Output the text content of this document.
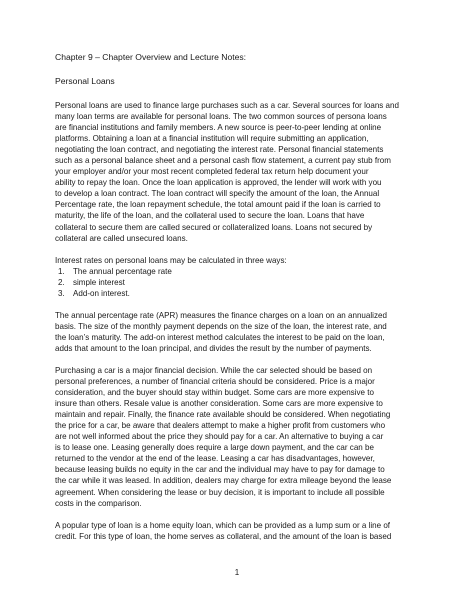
Chapter 9 – Chapter Overview and Lecture Notes:

Personal Loans

Personal loans are used to finance large purchases such as a car. Several sources for loans and
many loan terms are available for personal loans. The two common sources of persona loans
are financial institutions and family members. A new source is peer-to-peer lending at online
platforms. Obtaining a loan at a financial institution will require submitting an application,
negotiating the loan contract, and negotiating the interest rate. Personal financial statements
such as a personal balance sheet and a personal cash flow statement, a current pay stub from
your employer and/or your most recent completed federal tax return help document your
ability to repay the loan. Once the loan application is approved, the lender will work with you
to develop a loan contract. The loan contract will specify the amount of the loan, the Annual
Percentage rate, the loan repayment schedule, the total amount paid if the loan is carried to
maturity, the life of the loan, and the collateral used to secure the loan. Loans that have
collateral to secure them are called secured or collateralized loans. Loans not secured by
collateral are called unsecured loans.

Interest rates on personal loans may be calculated in three ways:

1.	The annual percentage rate
2.	simple interest
3.	Add-on interest.

The annual percentage rate (APR) measures the finance charges on a loan on an annualized
basis. The size of the monthly payment depends on the size of the loan, the interest rate, and
the loan’s maturity. The add-on interest method calculates the interest to be paid on the loan,
adds that amount to the loan principal, and divides the result by the number of payments.

Purchasing a car is a major financial decision. While the car selected should be based on
personal preferences, a number of financial criteria should be considered. Price is a major
consideration, and the buyer should stay within budget. Some cars are more expensive to
insure than others. Resale value is another consideration. Some cars are more expensive to
maintain and repair. Finally, the finance rate available should be considered. When negotiating
the price for a car, be aware that dealers attempt to make a higher profit from customers who
are not well informed about the price they should pay for a car. An alternative to buying a car
is to lease one. Leasing generally does require a large down payment, and the car can be
returned to the vendor at the end of the lease. Leasing a car has disadvantages, however,
because leasing builds no equity in the car and the individual may have to pay for damage to
the car while it was leased. In addition, dealers may charge for extra mileage beyond the lease
agreement. When considering the lease or buy decision, it is important to include all possible
costs in the comparison.

A popular type of loan is a home equity loan, which can be provided as a lump sum or a line of
credit. For this type of loan, the home serves as collateral, and the amount of the loan is based

1
